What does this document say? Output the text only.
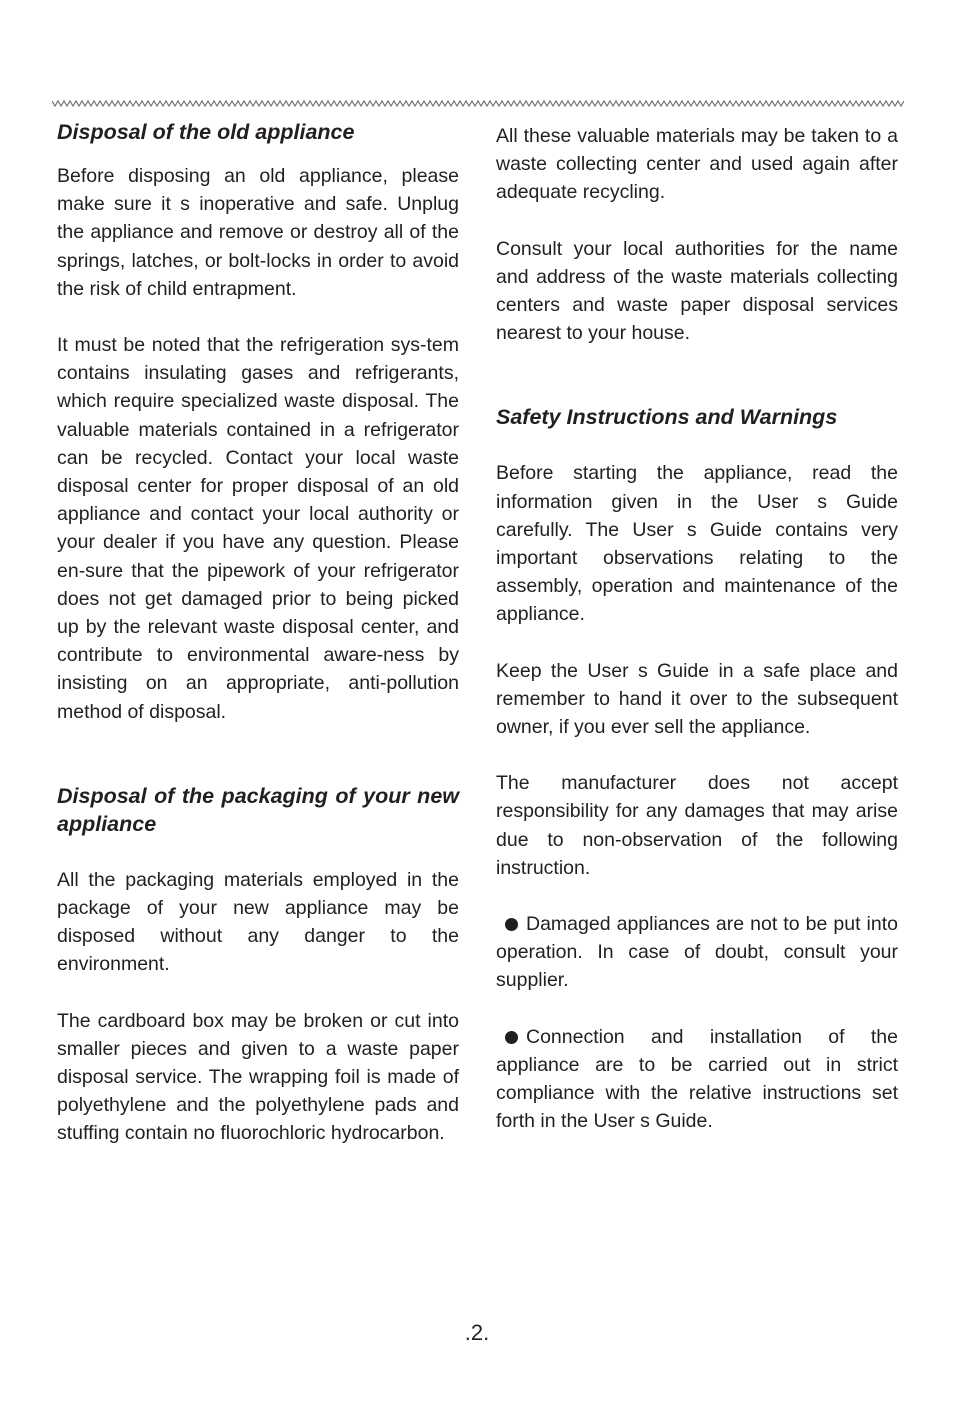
Disposal of the old appliance

Before disposing an old appliance, please make sure it s inoperative and safe. Unplug the appliance and remove or destroy all of the springs, latches, or bolt-locks in order to avoid the risk of child entrapment.

It must be noted that the refrigeration sys-tem contains insulating gases and refrigerants, which require specialized waste disposal. The valuable materials contained in a refrigerator can be recycled. Contact your local waste disposal center for proper disposal of an old appliance and contact your local authority or your dealer if you have any question. Please en-sure that the pipework of your refrigerator does not get damaged prior to being picked up by the relevant waste disposal center, and contribute to environmental aware-ness by insisting on an appropriate, anti-pollution method of disposal.

Disposal of the packaging of your new appliance

All the packaging materials employed in the package of your new appliance may be disposed without any danger to the environment.

The cardboard box may be broken or cut into smaller pieces and given to a waste paper disposal service. The wrapping foil is made of polyethylene and the polyethylene pads and stuffing contain no fluorochloric hydrocarbon.

All these valuable materials may be taken to a waste collecting center and used again after adequate recycling.

Consult your local authorities for the name and address of the waste materials collecting centers and waste paper disposal services nearest to your house.

Safety Instructions and Warnings

Before starting the appliance, read the information given in the User s Guide carefully. The User s Guide contains very important observations relating to the assembly, operation and maintenance of the appliance.

Keep the User s Guide in a safe place and remember to hand it over to the subsequent owner, if you ever sell the appliance.

The manufacturer does not accept responsibility for any damages that may arise due to non-observation of the following instruction.

Damaged appliances are not to be put into operation. In case of doubt, consult your supplier.

Connection and installation of the appliance are to be carried out in strict compliance with the relative instructions set forth in the User s Guide.

.2.
